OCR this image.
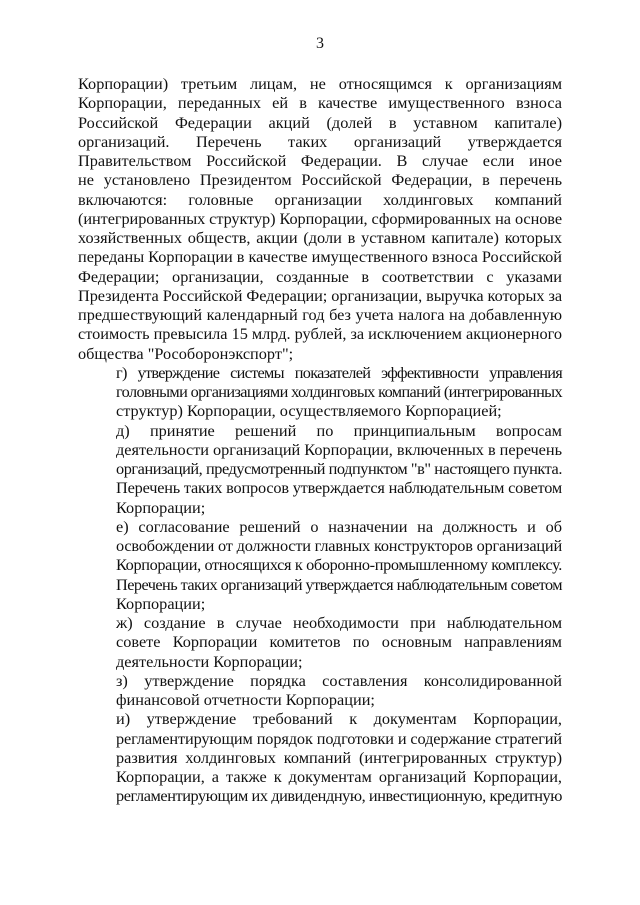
3
Корпорации) третьим лицам, не относящимся к организациям
Корпорации, переданных ей в качестве имущественного взноса
Российской Федерации акций (долей в уставном капитале)
организаций. Перечень таких организаций утверждается
Правительством Российской Федерации. В случае если иное
не установлено Президентом Российской Федерации, в перечень
включаются: головные организации холдинговых компаний
(интегрированных структур) Корпорации, сформированных на основе
хозяйственных обществ, акции (доли в уставном капитале) которых
переданы Корпорации в качестве имущественного взноса Российской
Федерации; организации, созданные в соответствии с указами
Президента Российской Федерации; организации, выручка которых за
предшествующий календарный год без учета налога на добавленную
стоимость превысила 15 млрд. рублей, за исключением акционерного
общества "Рособоронэкспорт";
г) утверждение системы показателей эффективности управления
головными организациями холдинговых компаний (интегрированных
структур) Корпорации, осуществляемого Корпорацией;
д) принятие решений по принципиальным вопросам
деятельности организаций Корпорации, включенных в перечень
организаций, предусмотренный подпунктом "в" настоящего пункта.
Перечень таких вопросов утверждается наблюдательным советом
Корпорации;
е) согласование решений о назначении на должность и об
освобождении от должности главных конструкторов организаций
Корпорации, относящихся к оборонно-промышленному комплексу.
Перечень таких организаций утверждается наблюдательным советом
Корпорации;
ж) создание в случае необходимости при наблюдательном
совете Корпорации комитетов по основным направлениям
деятельности Корпорации;
з) утверждение порядка составления консолидированной
финансовой отчетности Корпорации;
и) утверждение требований к документам Корпорации,
регламентирующим порядок подготовки и содержание стратегий
развития холдинговых компаний (интегрированных структур)
Корпорации, а также к документам организаций Корпорации,
регламентирующим их дивидендную, инвестиционную, кредитную
